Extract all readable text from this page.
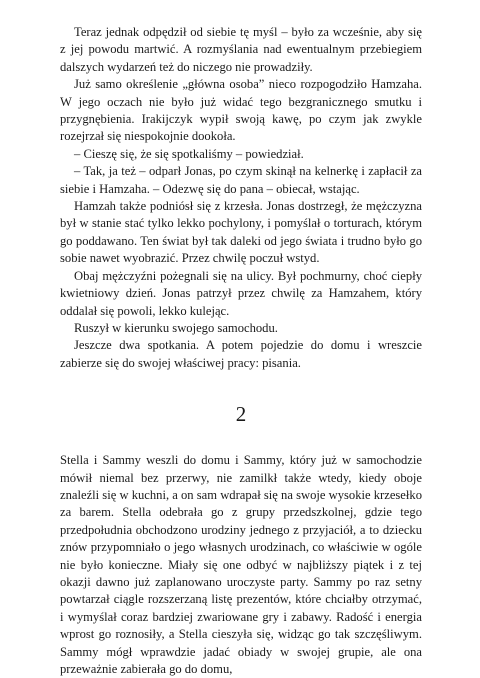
Teraz jednak odpędził od siebie tę myśl – było za wcześnie, aby się z jej powodu martwić. A rozmyślania nad ewentualnym przebiegiem dalszych wydarzeń też do niczego nie prowadziły.

Już samo określenie „główna osoba” nieco rozpogodziło Hamzaha. W jego oczach nie było już widać tego bezgranicznego smutku i przygnębienia. Irakijczyk wypił swoją kawę, po czym jak zwykle rozejrzał się niespokojnie dookoła.

– Cieszę się, że się spotkaliśmy – powiedział.

– Tak, ja też – odparł Jonas, po czym skinął na kelnerkę i zapłacił za siebie i Hamzaha. – Odezwę się do pana – obiecał, wstając.

Hamzah także podniósł się z krzesła. Jonas dostrzegł, że mężczyzna był w stanie stać tylko lekko pochylony, i pomyślał o torturach, którym go poddawano. Ten świat był tak daleki od jego świata i trudno było go sobie nawet wyobrazić. Przez chwilę poczuł wstyd.

Obaj mężczyźni pożegnali się na ulicy. Był pochmurny, choć ciepły kwietniowy dzień. Jonas patrzył przez chwilę za Hamzahem, który oddalał się powoli, lekko kulejąc.

Ruszył w kierunku swojego samochodu.

Jeszcze dwa spotkania. A potem pojedzie do domu i wreszcie zabierze się do swojej właściwej pracy: pisania.

2

Stella i Sammy weszli do domu i Sammy, który już w samochodzie mówił niemal bez przerwy, nie zamilkł także wtedy, kiedy oboje znaleźli się w kuchni, a on sam wdrapał się na swoje wysokie krzesełko za barem. Stella odebrała go z grupy przedszkolnej, gdzie tego przedpołudnia obchodzono urodziny jednego z przyjaciół, a to dziecku znów przypomniało o jego własnych urodzinach, co właściwie w ogóle nie było konieczne. Miały się one odbyć w najbliższy piątek i z tej okazji dawno już zaplanowano uroczyste party. Sammy po raz setny powtarzał ciągle rozszerzaną listę prezentów, które chciałby otrzymać, i wymyślał coraz bardziej zwariowane gry i zabawy. Radość i energia wprost go roznosiły, a Stella cieszyła się, widząc go tak szczęśliwym. Sammy mógł wprawdzie jadać obiady w swojej grupie, ale ona przeważnie zabierała go do domu,
